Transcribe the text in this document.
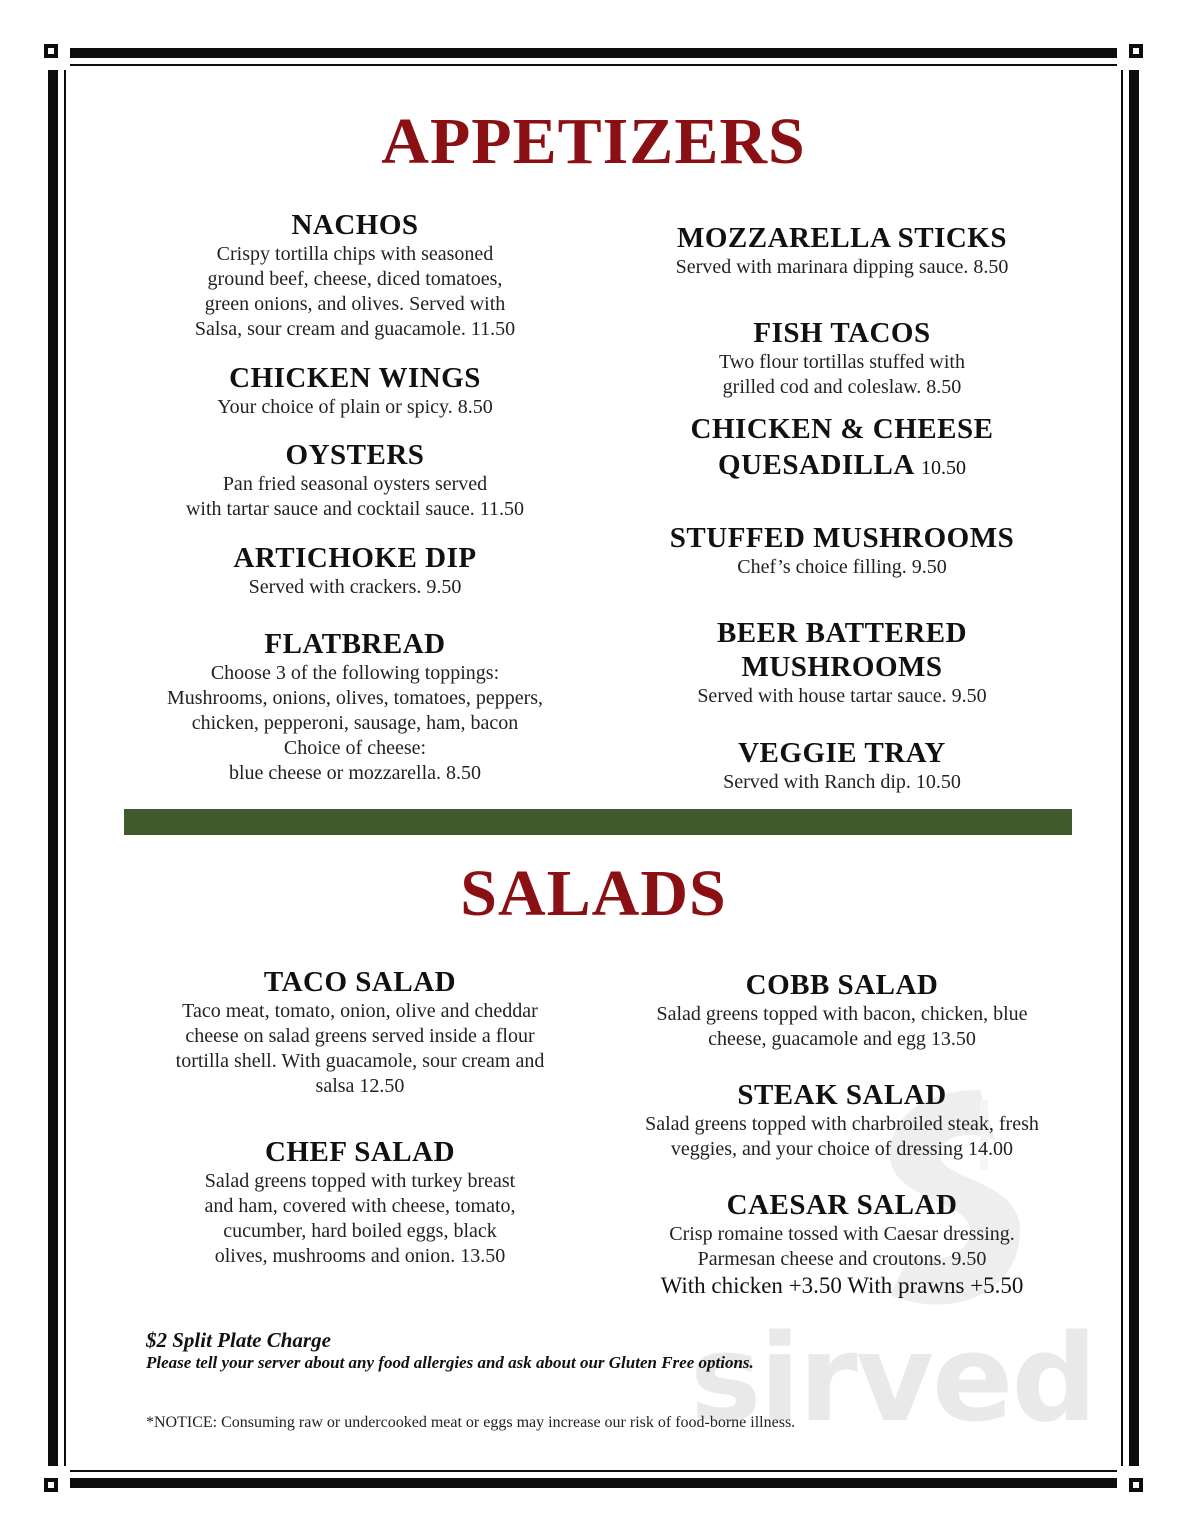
sirved
APPETIZERS
NACHOS
Crispy tortilla chips with seasoned
ground beef, cheese, diced tomatoes,
green onions, and olives. Served with
Salsa, sour cream and guacamole. 11.50
CHICKEN WINGS
Your choice of plain or spicy. 8.50
OYSTERS
Pan fried seasonal oysters served
with tartar sauce and cocktail sauce. 11.50
ARTICHOKE DIP
Served with crackers. 9.50
FLATBREAD
Choose 3 of the following toppings:
Mushrooms, onions, olives, tomatoes, peppers,
chicken, pepperoni, sausage, ham, bacon
Choice of cheese:
blue cheese or mozzarella. 8.50
MOZZARELLA STICKS
Served with marinara dipping sauce. 8.50
FISH TACOS
Two flour tortillas stuffed with
grilled cod and coleslaw. 8.50
CHICKEN & CHEESE
QUESADILLA 10.50
STUFFED MUSHROOMS
Chef’s choice filling. 9.50
BEER BATTERED
MUSHROOMS
Served with house tartar sauce. 9.50
VEGGIE TRAY
Served with Ranch dip. 10.50
SALADS
TACO SALAD
Taco meat, tomato, onion, olive and cheddar
cheese on salad greens served inside a flour
tortilla shell. With guacamole, sour cream and
salsa 12.50
CHEF SALAD
Salad greens topped with turkey breast
and ham, covered with cheese, tomato,
cucumber, hard boiled eggs, black
olives, mushrooms and onion. 13.50
COBB SALAD
Salad greens topped with bacon, chicken, blue
cheese, guacamole and egg 13.50
STEAK SALAD
Salad greens topped with charbroiled steak, fresh
veggies, and your choice of dressing 14.00
CAESAR SALAD
Crisp romaine tossed with Caesar dressing.
Parmesan cheese and croutons. 9.50
With chicken +3.50 With prawns +5.50
$2 Split Plate Charge
Please tell your server about any food allergies and ask about our Gluten Free options.
*NOTICE: Consuming raw or undercooked meat or eggs may increase our risk of food-borne illness.
